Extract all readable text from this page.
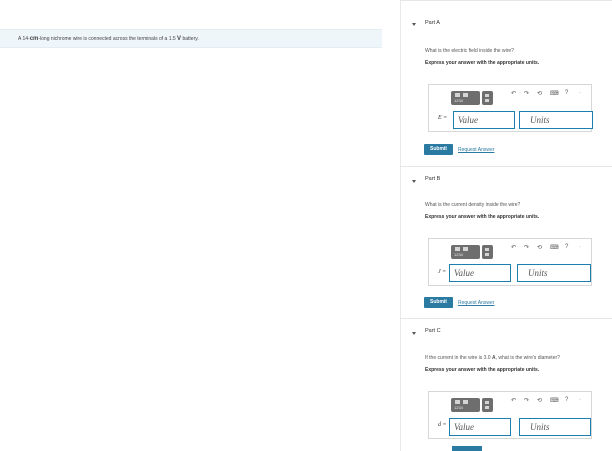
A 14-cm-long nichrome wire is connected across the terminals of a 1.5 V battery.
Part A
What is the electric field inside the wire?
Express your answer with the appropriate units.
1234
↶ ↷ ⟲ ⌨ ? ·
E =	Value	Units
Submit	Request Answer
Part B
What is the current density inside the wire?
Express your answer with the appropriate units.
1234
↶ ↷ ⟲ ⌨ ? ·
J = Value	Units
Submit	Request Answer
Part C
If the current in the wire is 3.0 A, what is the wire's diameter?
Express your answer with the appropriate units.
1234
↶ ↷ ⟲ ⌨ ? ·
d = Value	Units
